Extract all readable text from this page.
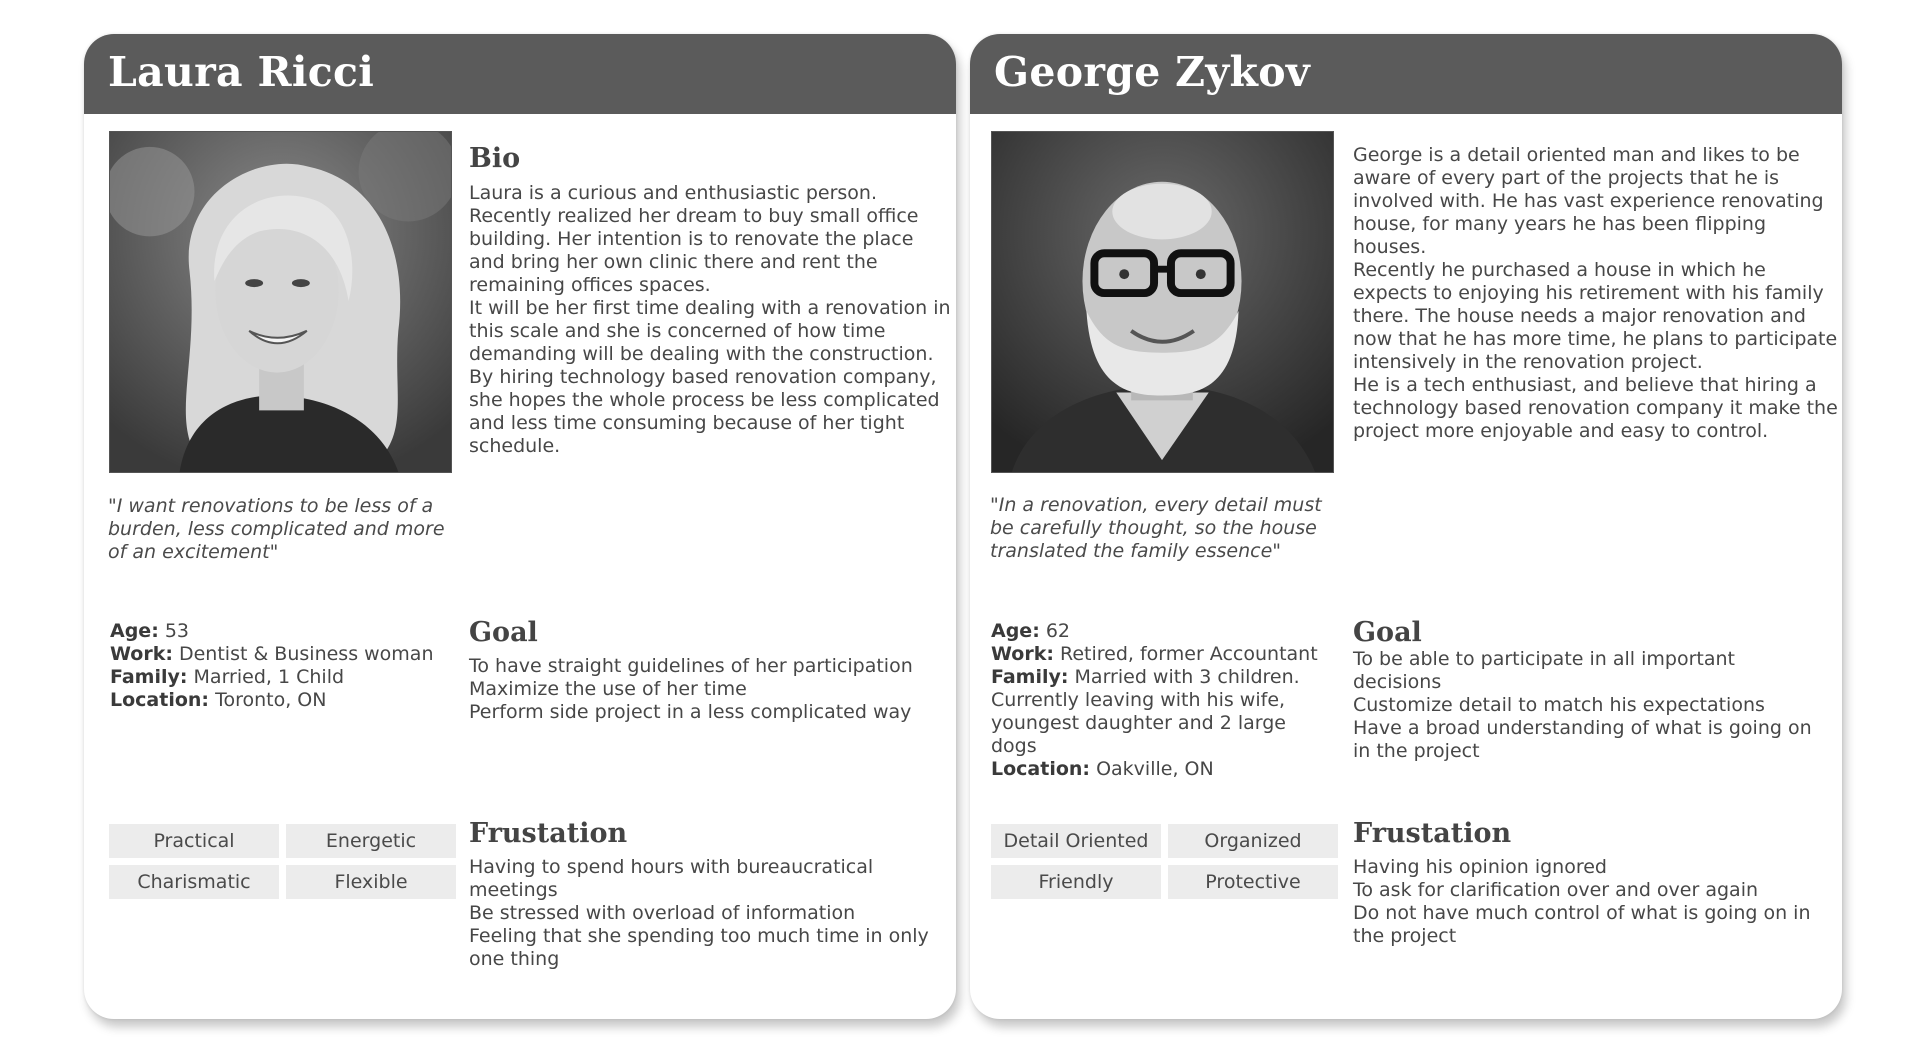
Laura Ricci

"I want renovations to be less of a burden, less complicated and more of an excitement"

Bio

Laura is a curious and enthusiastic person.

Recently realized her dream to buy small office building. Her intention is to renovate the place and bring her own clinic there and rent the remaining offices spaces.

It will be her first time dealing with a renovation in this scale and she is concerned of how time demanding will be dealing with the construction.

By hiring technology based renovation company, she hopes the whole process be less complicated and less time consuming because of her tight schedule.

Age: 53

Work: Dentist & Business woman

Family: Married, 1 Child

Location: Toronto, ON

Goal

To have straight guidelines of her participation

Maximize the use of her time

Perform side project in a less complicated way

Practical	Energetic
Charismatic	Flexible
Frustation

Having to spend hours with bureaucratical meetings

Be stressed with overload of information

Feeling that she spending too much time in only one thing

George Zykov

"In a renovation, every detail must be carefully thought, so the house translated the family essence"

George is a detail oriented man and likes to be aware of every part of the projects that he is involved with. He has vast experience renovating house, for many years he has been flipping houses.

Recently he purchased a house in which he expects to enjoying his retirement with his family there. The house needs a major renovation and now that he has more time, he plans to participate intensively in the renovation project.

He is a tech enthusiast, and believe that hiring a technology based renovation company it make the project more enjoyable and easy to control.

Age: 62

Work: Retired, former Accountant

Family: Married with 3 children. Currently leaving with his wife, youngest daughter and 2 large dogs

Location: Oakville, ON

Goal

To be able to participate in all important decisions

Customize detail to match his expectations

Have a broad understanding of what is going on in the project

Detail Oriented	Organized
Friendly	Protective
Frustation

Having his opinion ignored

To ask for clarification over and over again

Do not have much control of what is going on in the project
